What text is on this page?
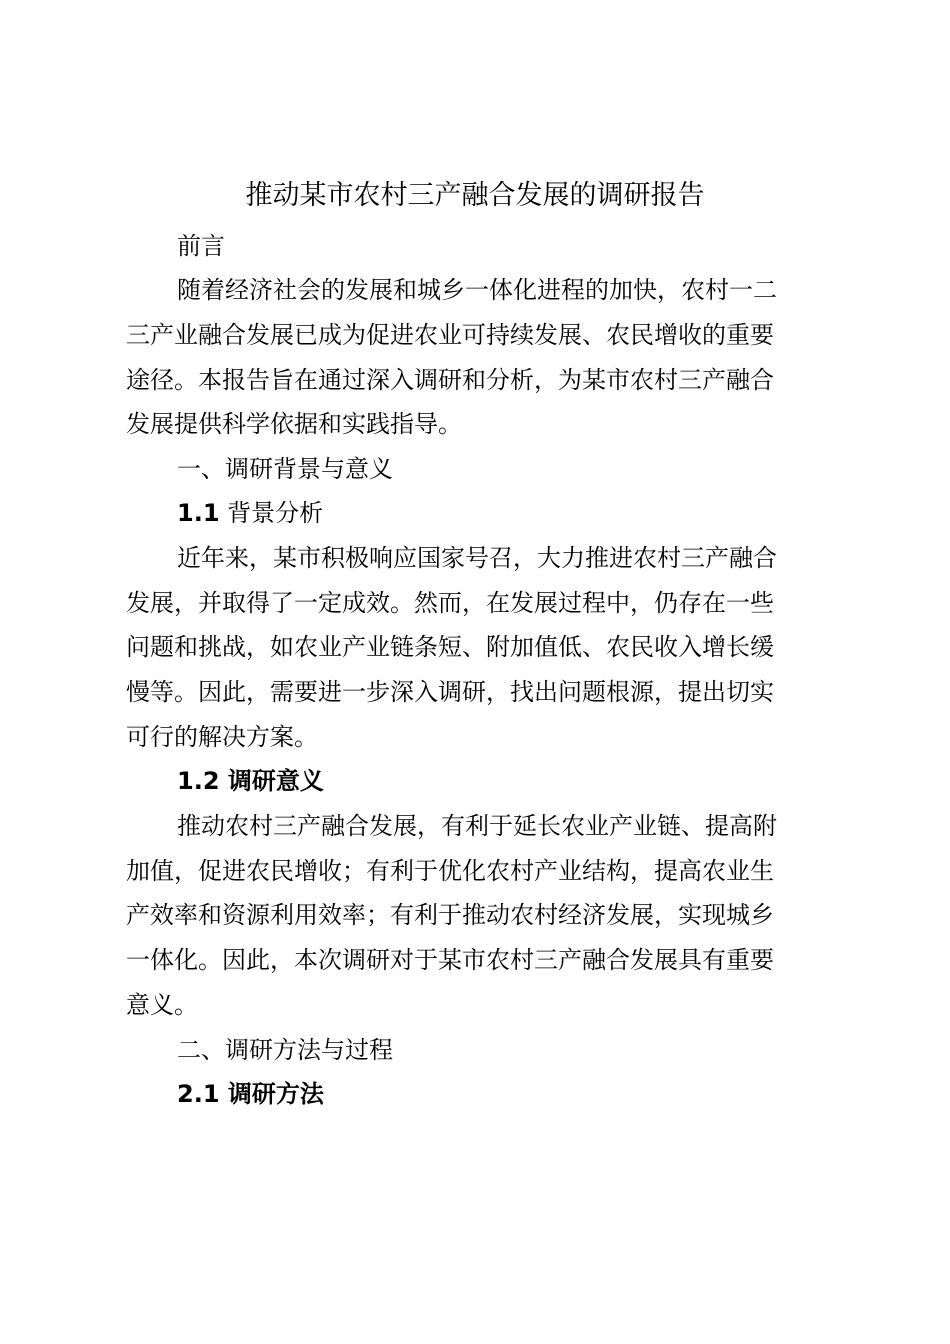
推动某市农村三产融合发展的调研报告
前言
随着经济社会的发展和城乡一体化进程的加快，农村一二
三产业融合发展已成为促进农业可持续发展、农民增收的重要
途径。本报告旨在通过深入调研和分析，为某市农村三产融合
发展提供科学依据和实践指导。
一、调研背景与意义
1.1 背景分析
近年来，某市积极响应国家号召，大力推进农村三产融合
发展，并取得了一定成效。然而，在发展过程中，仍存在一些
问题和挑战，如农业产业链条短、附加值低、农民收入增长缓
慢等。因此，需要进一步深入调研，找出问题根源，提出切实
可行的解决方案。
1.2 调研意义
推动农村三产融合发展，有利于延长农业产业链、提高附
加值，促进农民增收；有利于优化农村产业结构，提高农业生
产效率和资源利用效率；有利于推动农村经济发展，实现城乡
一体化。因此，本次调研对于某市农村三产融合发展具有重要
意义。
二、调研方法与过程
2.1 调研方法
